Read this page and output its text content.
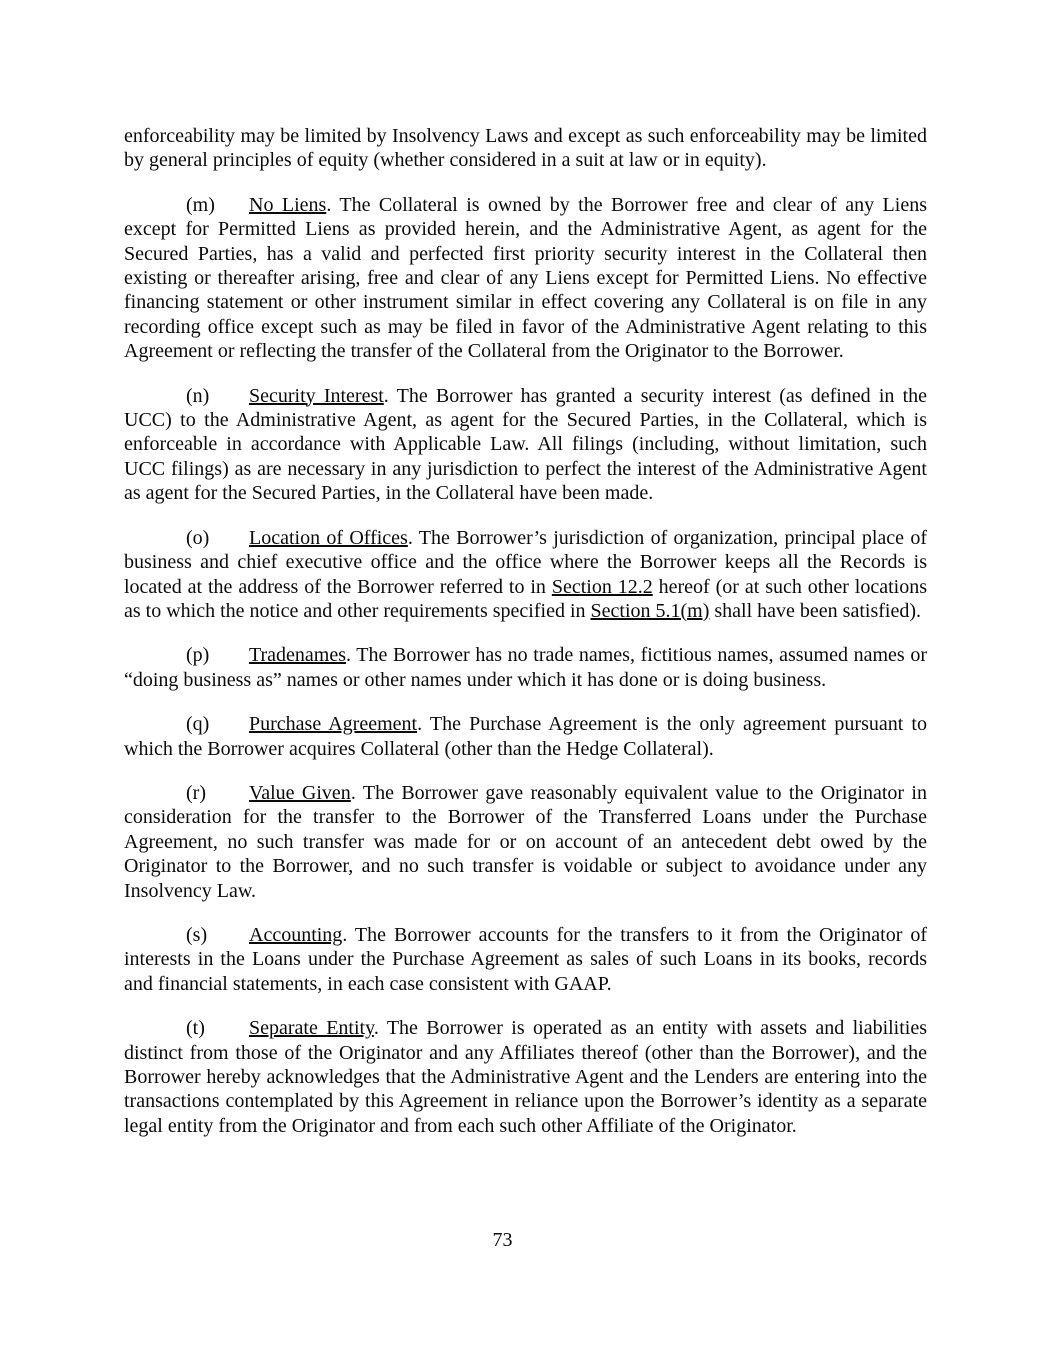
enforceability may be limited by Insolvency Laws and except as such enforceability may be limited by general principles of equity (whether considered in a suit at law or in equity).

(m) No Liens. The Collateral is owned by the Borrower free and clear of any Liens except for Permitted Liens as provided herein, and the Administrative Agent, as agent for the Secured Parties, has a valid and perfected first priority security interest in the Collateral then existing or thereafter arising, free and clear of any Liens except for Permitted Liens. No effective financing statement or other instrument similar in effect covering any Collateral is on file in any recording office except such as may be filed in favor of the Administrative Agent relating to this Agreement or reflecting the transfer of the Collateral from the Originator to the Borrower.

(n) Security Interest. The Borrower has granted a security interest (as defined in the UCC) to the Administrative Agent, as agent for the Secured Parties, in the Collateral, which is enforceable in accordance with Applicable Law. All filings (including, without limitation, such UCC filings) as are necessary in any jurisdiction to perfect the interest of the Administrative Agent as agent for the Secured Parties, in the Collateral have been made.

(o) Location of Offices. The Borrower’s jurisdiction of organization, principal place of business and chief executive office and the office where the Borrower keeps all the Records is located at the address of the Borrower referred to in Section 12.2 hereof (or at such other locations as to which the notice and other requirements specified in Section 5.1(m) shall have been satisfied).

(p) Tradenames. The Borrower has no trade names, fictitious names, assumed names or “doing business as” names or other names under which it has done or is doing business.

(q) Purchase Agreement. The Purchase Agreement is the only agreement pursuant to which the Borrower acquires Collateral (other than the Hedge Collateral).

(r) Value Given. The Borrower gave reasonably equivalent value to the Originator in consideration for the transfer to the Borrower of the Transferred Loans under the Purchase Agreement, no such transfer was made for or on account of an antecedent debt owed by the Originator to the Borrower, and no such transfer is voidable or subject to avoidance under any Insolvency Law.

(s) Accounting. The Borrower accounts for the transfers to it from the Originator of interests in the Loans under the Purchase Agreement as sales of such Loans in its books, records and financial statements, in each case consistent with GAAP.

(t) Separate Entity. The Borrower is operated as an entity with assets and liabilities distinct from those of the Originator and any Affiliates thereof (other than the Borrower), and the Borrower hereby acknowledges that the Administrative Agent and the Lenders are entering into the transactions contemplated by this Agreement in reliance upon the Borrower’s identity as a separate legal entity from the Originator and from each such other Affiliate of the Originator.

73
